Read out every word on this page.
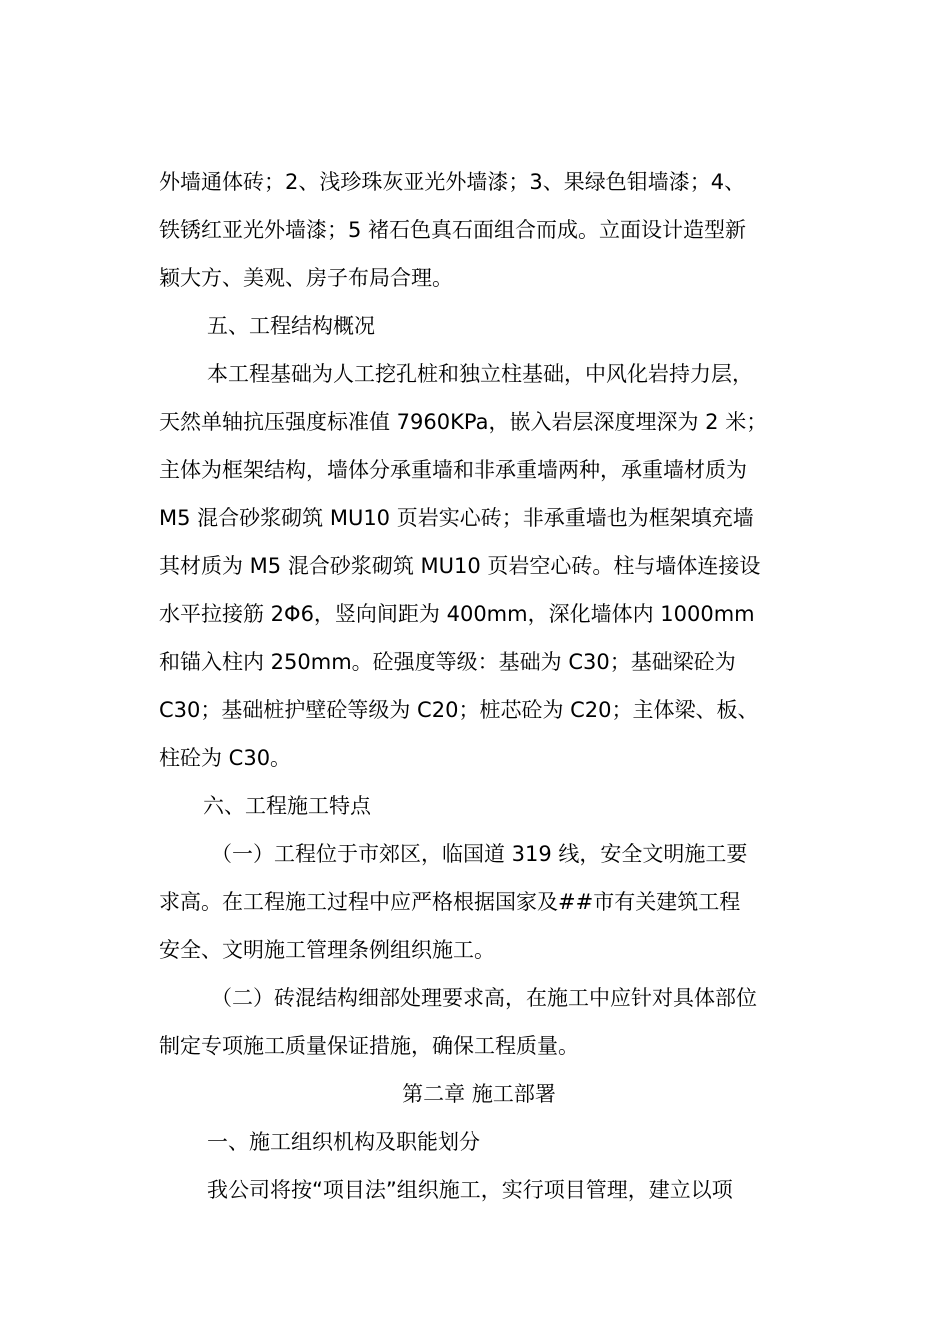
外墙通体砖；2、浅珍珠灰亚光外墙漆；3、果绿色钼墙漆；4、
铁锈红亚光外墙漆；5 褚石色真石面组合而成。立面设计造型新
颖大方、美观、房子布局合理。
五、工程结构概况
本工程基础为人工挖孔桩和独立柱基础，中风化岩持力层，
天然单轴抗压强度标准值 7960KPa，嵌入岩层深度埋深为 2 米；
主体为框架结构，墙体分承重墙和非承重墙两种，承重墙材质为
M5 混合砂浆砌筑 MU10 页岩实心砖；非承重墙也为框架填充墙
其材质为 M5 混合砂浆砌筑 MU10 页岩空心砖。柱与墙体连接设
水平拉接筋 2Φ6，竖向间距为 400mm，深化墙体内 1000mm
和锚入柱内 250mm。砼强度等级：基础为 C30；基础梁砼为
C30；基础桩护壁砼等级为 C20；桩芯砼为 C20；主体梁、板、
柱砼为 C30。
六、工程施工特点
（一）工程位于市郊区，临国道 319 线，安全文明施工要
求高。在工程施工过程中应严格根据国家及##市有关建筑工程
安全、文明施工管理条例组织施工。
（二）砖混结构细部处理要求高，在施工中应针对具体部位
制定专项施工质量保证措施，确保工程质量。
第二章 施工部署
一、施工组织机构及职能划分
我公司将按“项目法”组织施工，实行项目管理，建立以项
